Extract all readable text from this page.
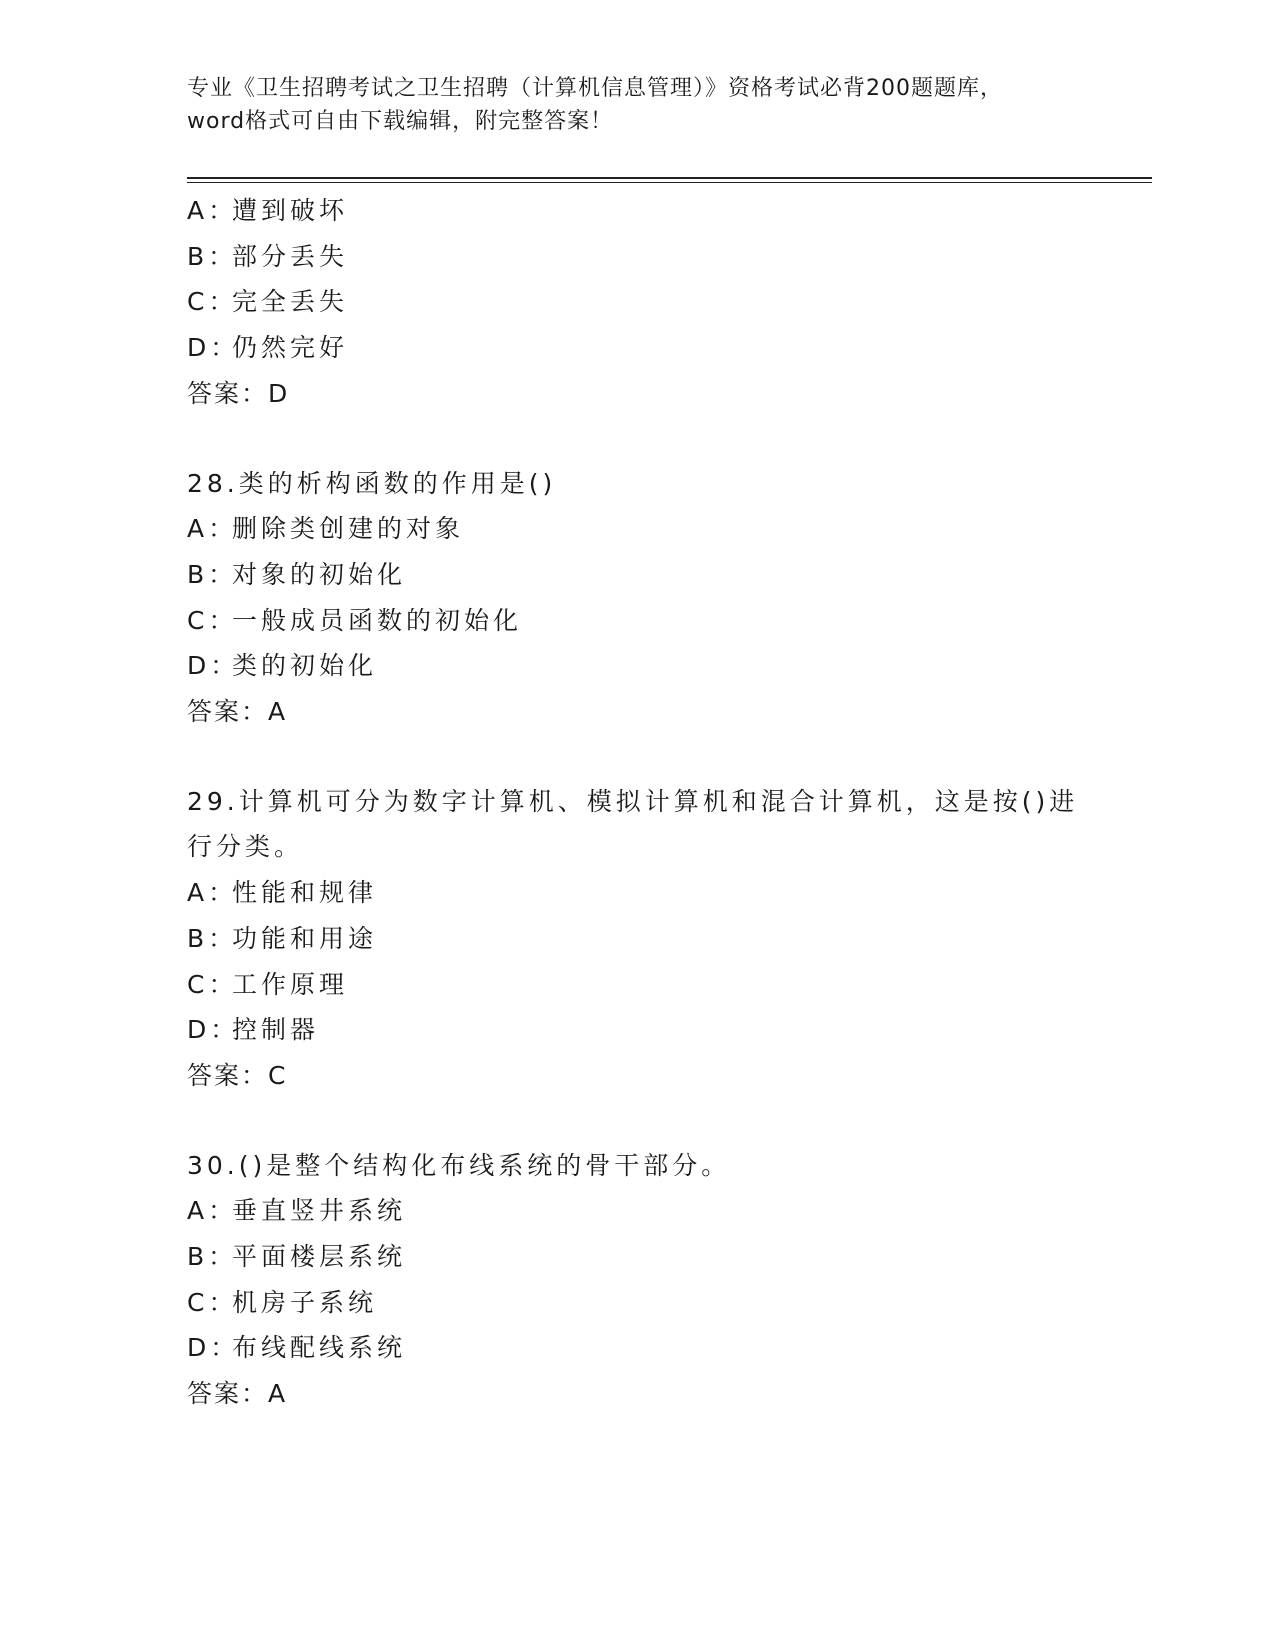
专业《卫生招聘考试之卫生招聘（计算机信息管理）》资格考试必背200题题库，
word格式可自由下载编辑，附完整答案！
A：遭到破坏
B：部分丢失
C：完全丢失
D：仍然完好
答案：D
28.类的析构函数的作用是()
A：删除类创建的对象
B：对象的初始化
C：一般成员函数的初始化
D：类的初始化
答案：A
29.计算机可分为数字计算机、模拟计算机和混合计算机，这是按()进
行分类。
A：性能和规律
B：功能和用途
C：工作原理
D：控制器
答案：C
30.()是整个结构化布线系统的骨干部分。
A：垂直竖井系统
B：平面楼层系统
C：机房子系统
D：布线配线系统
答案：A
